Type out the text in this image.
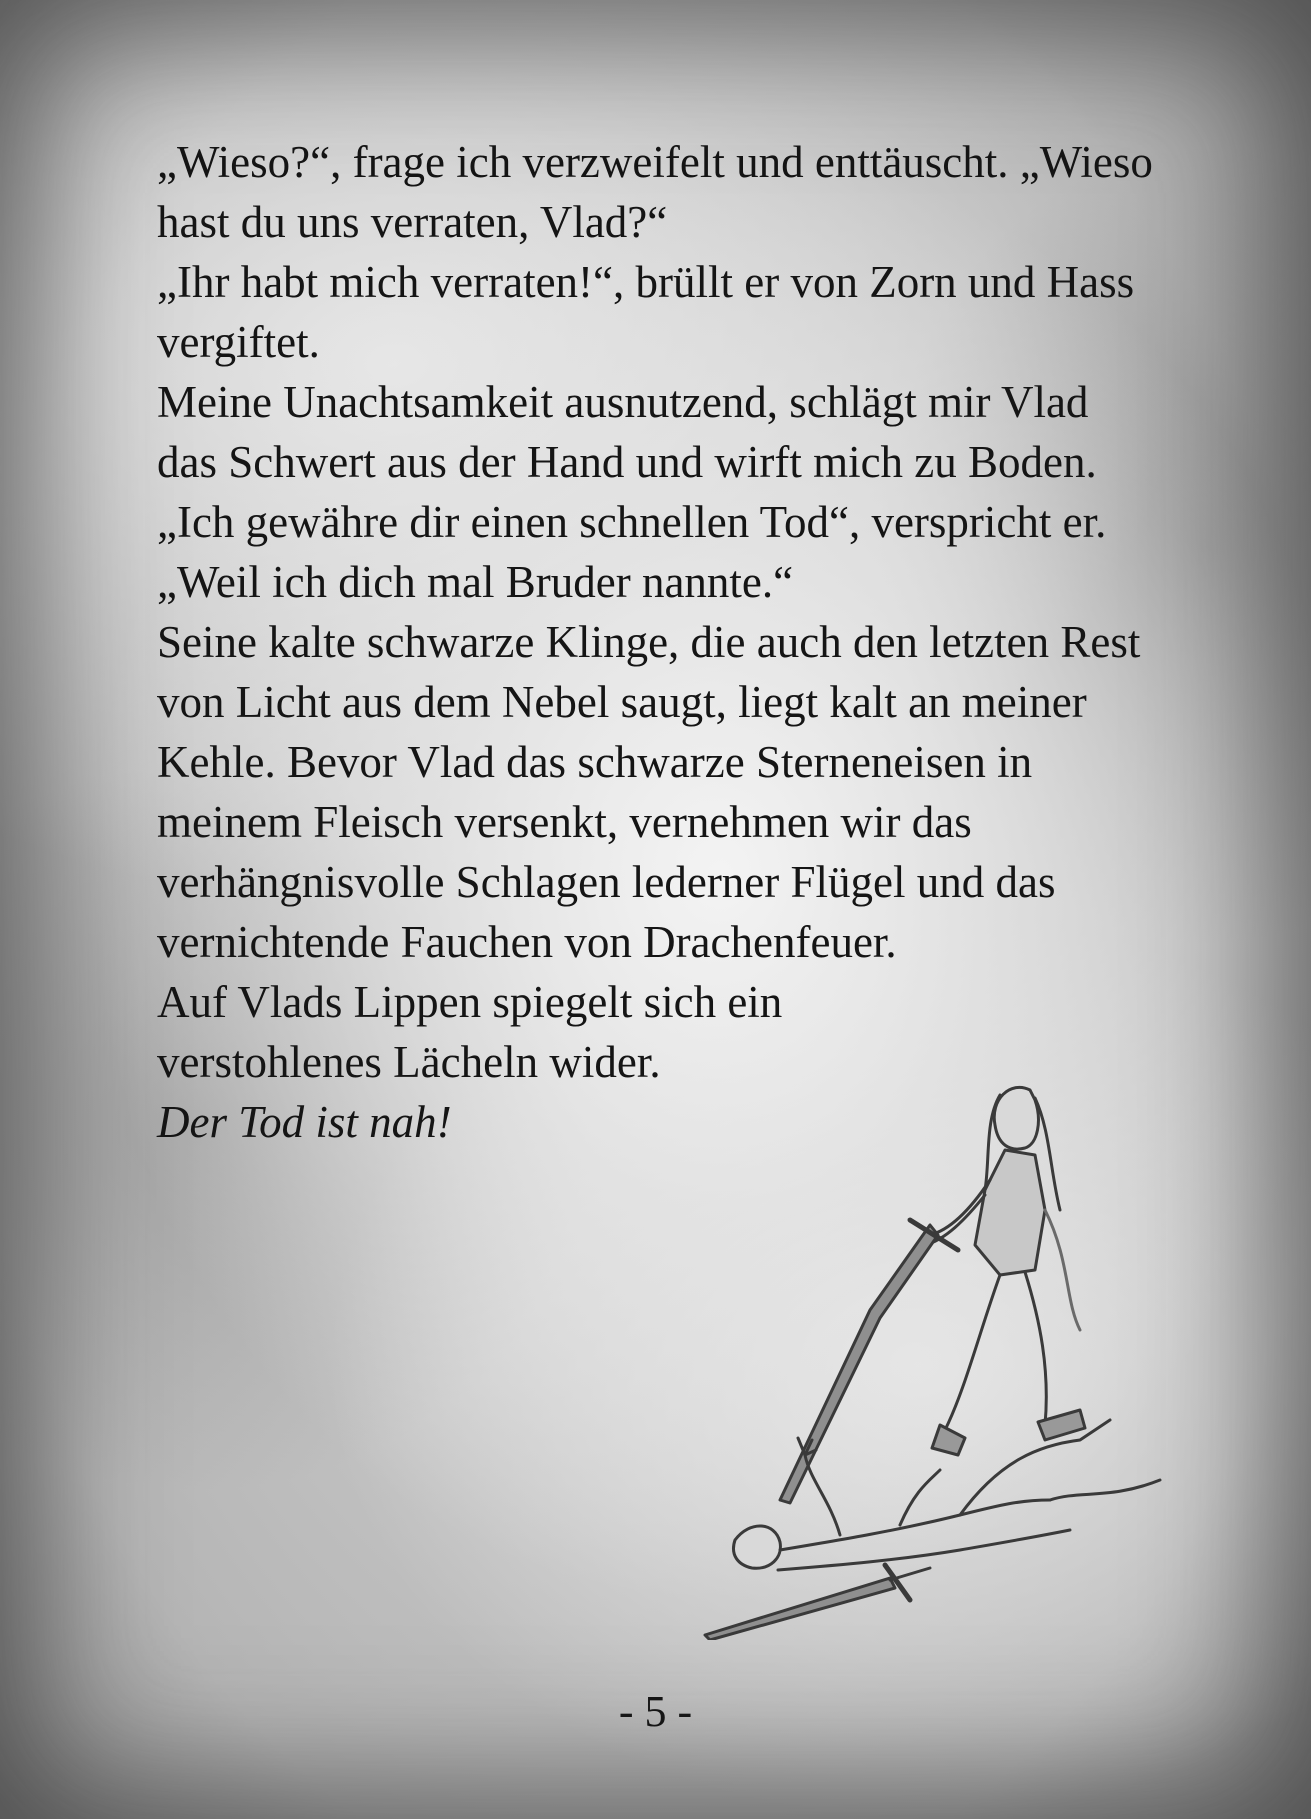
„Wieso?“, frage ich verzweifelt und enttäuscht. „Wieso hast du uns verraten, Vlad?“

„Ihr habt mich verraten!“, brüllt er von Zorn und Hass vergiftet.

Meine Unachtsamkeit ausnutzend, schlägt mir Vlad das Schwert aus der Hand und wirft mich zu Boden.

„Ich gewähre dir einen schnellen Tod“, verspricht er. „Weil ich dich mal Bruder nannte.“

Seine kalte schwarze Klinge, die auch den letzten Rest von Licht aus dem Nebel saugt, liegt kalt an meiner Kehle. Bevor Vlad das schwarze Sterneneisen in meinem Fleisch versenkt, vernehmen wir das verhängnisvolle Schlagen lederner Flügel und das vernichtende Fauchen von Drachenfeuer.

Auf Vlads Lippen spiegelt sich ein

verstohlenes Lächeln wider.

Der Tod ist nah!

- 5 -
